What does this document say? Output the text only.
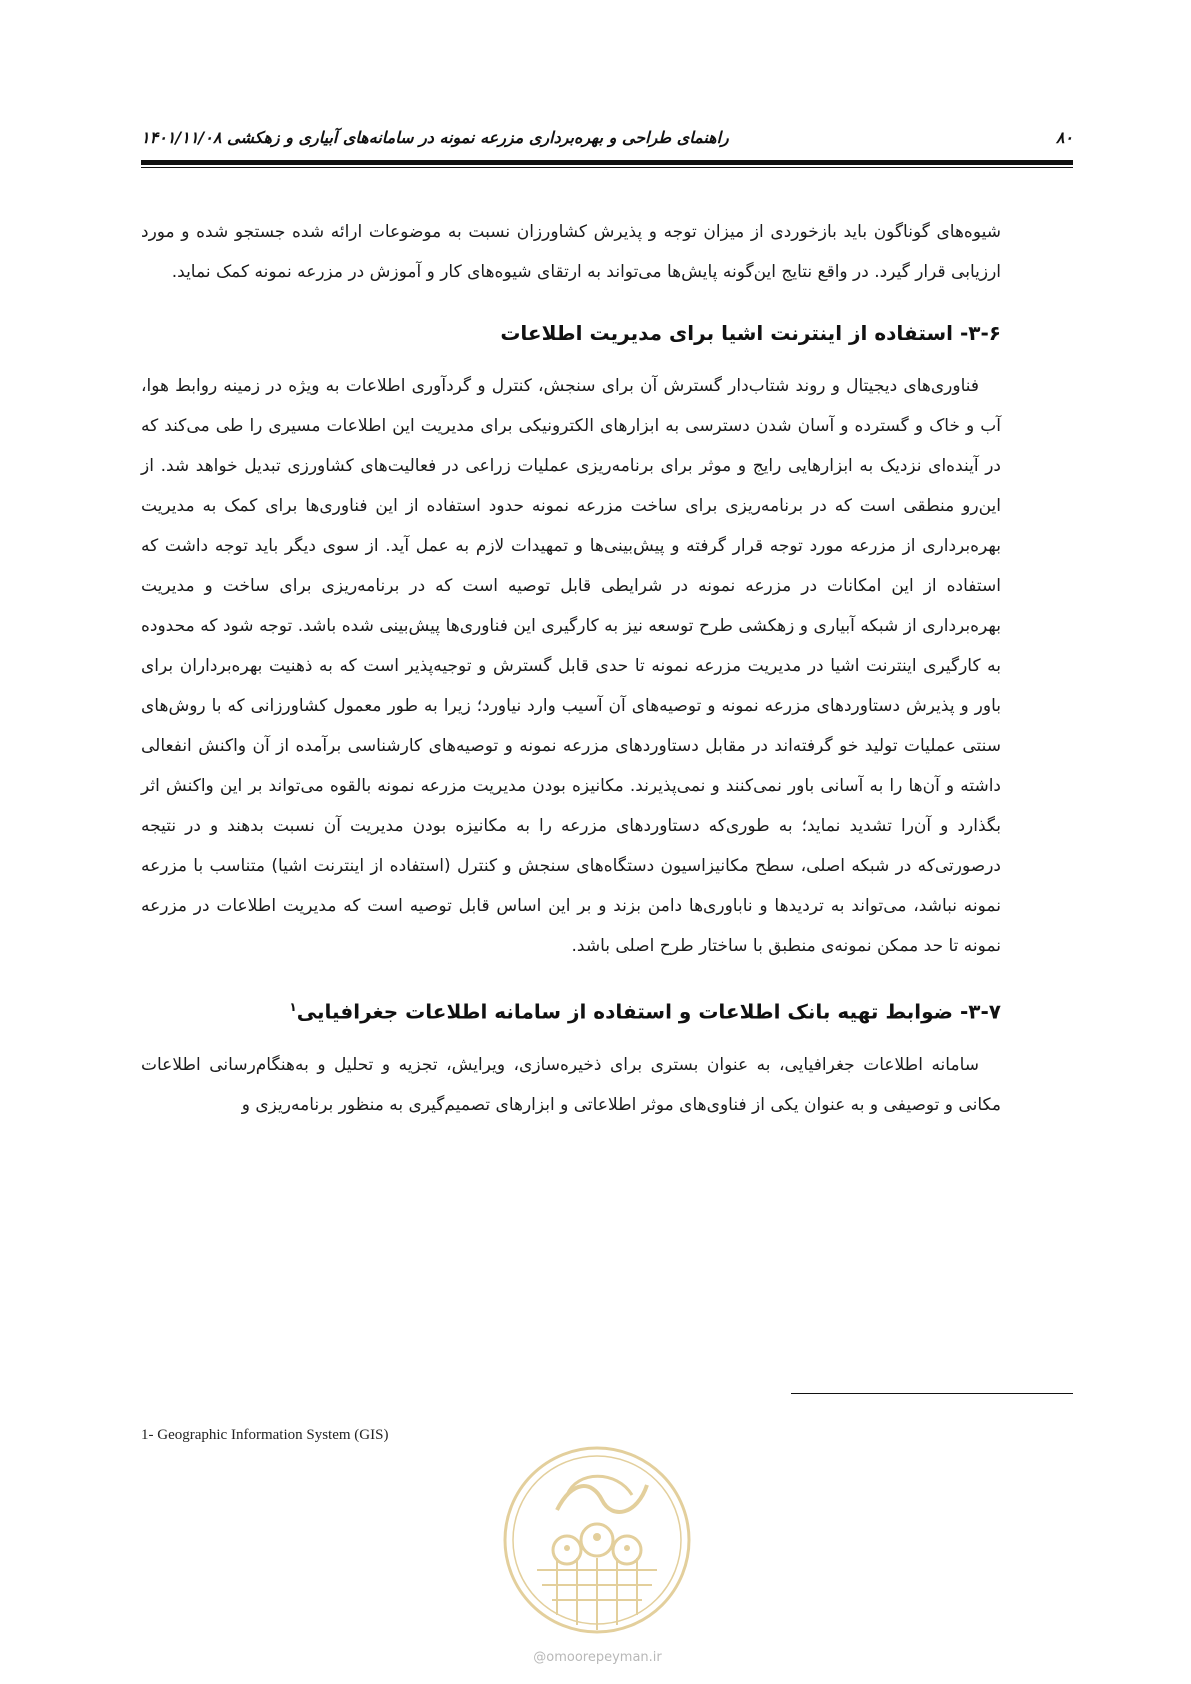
۸۰
راهنمای طراحی و بهره‌برداری مزرعه نمونه در سامانه‌های آبیاری و زهکشی ۱۴۰۱/۱۱/۰۸

شیوه‌های گوناگون باید بازخوردی از میزان توجه و پذیرش کشاورزان نسبت به موضوعات ارائه شده جستجو شده و مورد ارزیابی قرار گیرد. در واقع نتایج این‌گونه پایش‌ها می‌تواند به ارتقای شیوه‌های کار و آموزش در مزرعه نمونه کمک نماید.

۳-۶- استفاده از اینترنت اشیا برای مدیریت اطلاعات

فناوری‌های دیجیتال و روند شتاب‌دار گسترش آن برای سنجش، کنترل و گردآوری اطلاعات به ویژه در زمینه روابط هوا، آب و خاک و گسترده و آسان شدن دسترسی به ابزارهای الکترونیکی برای مدیریت این اطلاعات مسیری را طی می‌کند که در آینده‌ای نزدیک به ابزارهایی رایج و موثر برای برنامه‌ریزی عملیات زراعی در فعالیت‌های کشاورزی تبدیل خواهد شد. از این‌رو منطقی است که در برنامه‌ریزی برای ساخت مزرعه نمونه حدود استفاده از این فناوری‌ها برای کمک به مدیریت بهره‌برداری از مزرعه مورد توجه قرار گرفته و پیش‌بینی‌ها و تمهیدات لازم به عمل آید. از سوی دیگر باید توجه داشت که استفاده از این امکانات در مزرعه نمونه در شرایطی قابل توصیه است که در برنامه‌ریزی برای ساخت و مدیریت بهره‌برداری از شبکه آبیاری و زهکشی طرح توسعه نیز به کارگیری این فناوری‌ها پیش‌بینی شده باشد. توجه شود که محدوده به کارگیری اینترنت اشیا در مدیریت مزرعه نمونه تا حدی قابل گسترش و توجیه‌پذیر است که به ذهنیت بهره‌برداران برای باور و پذیرش دستاوردهای مزرعه نمونه و توصیه‌های آن آسیب وارد نیاورد؛ زیرا به طور معمول کشاورزانی که با روش‌های سنتی عملیات تولید خو گرفته‌اند در مقابل دستاوردهای مزرعه نمونه و توصیه‌های کارشناسی برآمده از آن واکنش انفعالی داشته و آن‌ها را به آسانی باور نمی‌کنند و نمی‌پذیرند. مکانیزه بودن مدیریت مزرعه نمونه بالقوه می‌تواند بر این واکنش اثر بگذارد و آن‌را تشدید نماید؛ به طوری‌که دستاوردهای مزرعه را به مکانیزه بودن مدیریت آن نسبت بدهند و در نتیجه درصورتی‌که در شبکه اصلی، سطح مکانیزاسیون دستگاه‌های سنجش و کنترل (استفاده از اینترنت اشیا) متناسب با مزرعه نمونه نباشد، می‌تواند به تردیدها و ناباوری‌ها دامن بزند و بر این اساس قابل توصیه است که مدیریت اطلاعات در مزرعه نمونه تا حد ممکن نمونه‌ی منطبق با ساختار طرح اصلی باشد.

۳-۷- ضوابط تهیه بانک اطلاعات و استفاده از سامانه اطلاعات جغرافیایی$^۱$

سامانه اطلاعات جغرافیایی، به عنوان بستری برای ذخیره‌سازی، ویرایش، تجزیه و تحلیل و به‌هنگام‌رسانی اطلاعات مکانی و توصیفی و به عنوان یکی از فناوی‌های موثر اطلاعاتی و ابزارهای تصمیم‌گیری به منظور برنامه‌ریزی و

1- Geographic Information System (GIS)
@omoorepeyman.ir
